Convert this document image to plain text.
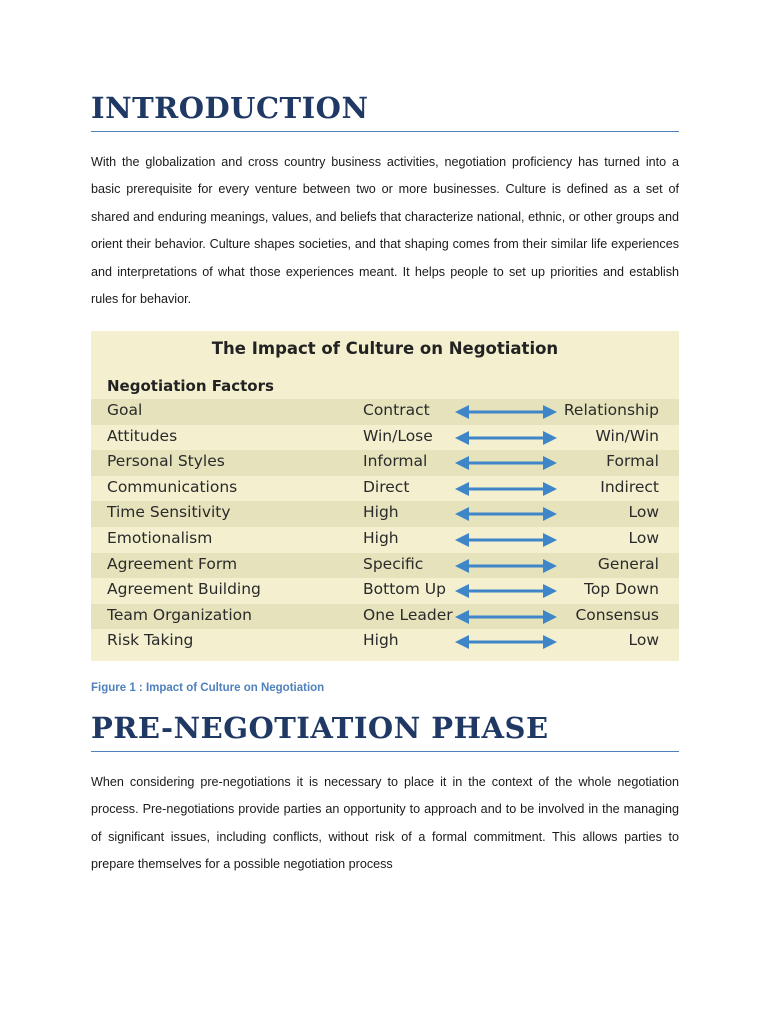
INTRODUCTION

With the globalization and cross country business activities, negotiation proficiency has turned into a basic prerequisite for every venture between two or more businesses. Culture is defined as a set of shared and enduring meanings, values, and beliefs that characterize national, ethnic, or other groups and orient their behavior. Culture shapes societies, and that shaping comes from their similar life experiences and interpretations of what those experiences meant. It helps people to set up priorities and establish rules for behavior.

The Impact of Culture on Negotiation
Negotiation Factors
Goal	Contract	Relationship
Attitudes	Win/Lose	Win/Win
Personal Styles	Informal	Formal
Communications	Direct	Indirect
Time Sensitivity	High	Low
Emotionalism	High	Low
Agreement Form	Specific	General
Agreement Building	Bottom Up	Top Down
Team Organization	One Leader	Consensus
Risk Taking	High	Low
Figure 1 : Impact of Culture on Negotiation
PRE-NEGOTIATION PHASE

When considering pre-negotiations it is necessary to place it in the context of the whole negotiation process. Pre-negotiations provide parties an opportunity to approach and to be involved in the managing of significant issues, including conflicts, without risk of a formal commitment. This allows parties to prepare themselves for a possible negotiation process
